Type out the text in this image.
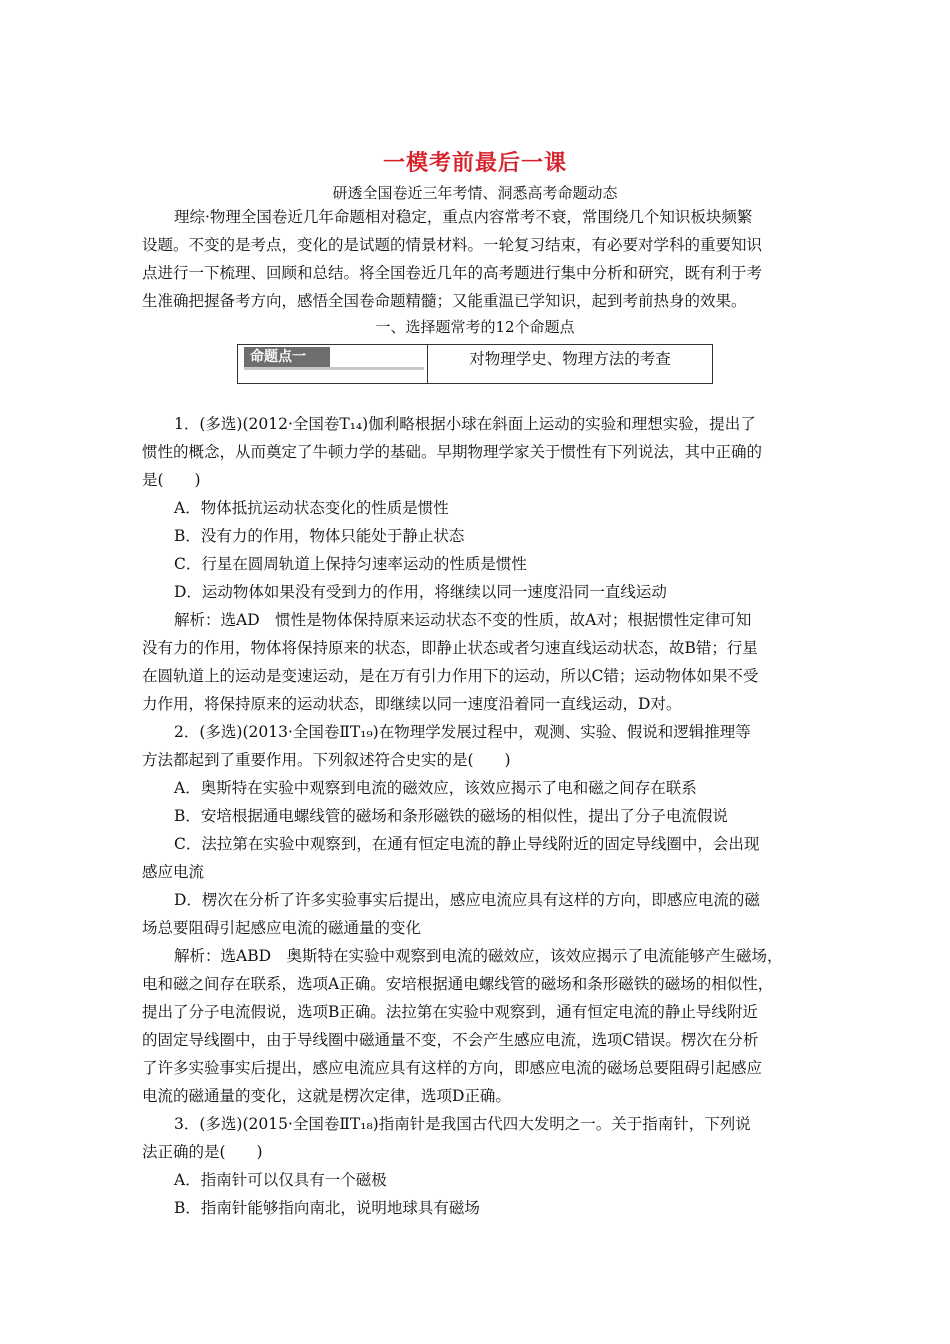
一模考前最后一课
研透全国卷近三年考情、洞悉高考命题动态
理综·物理全国卷近几年命题相对稳定，重点内容常考不衰，常围绕几个知识板块频繁
设题。不变的是考点，变化的是试题的情景材料。一轮复习结束，有必要对学科的重要知识
点进行一下梳理、回顾和总结。将全国卷近几年的高考题进行集中分析和研究，既有利于考
生准确把握备考方向，感悟全国卷命题精髓；又能重温已学知识，起到考前热身的效果。
一、选择题常考的12个命题点
命题点一	对物理学史、物理方法的考查
1．(多选)(2012·全国卷T₁₄)伽利略根据小球在斜面上运动的实验和理想实验，提出了
惯性的概念，从而奠定了牛顿力学的基础。早期物理学家关于惯性有下列说法，其中正确的
是(　　)
A．物体抵抗运动状态变化的性质是惯性
B．没有力的作用，物体只能处于静止状态
C．行星在圆周轨道上保持匀速率运动的性质是惯性
D．运动物体如果没有受到力的作用，将继续以同一速度沿同一直线运动
解析：选AD　惯性是物体保持原来运动状态不变的性质，故A对；根据惯性定律可知
没有力的作用，物体将保持原来的状态，即静止状态或者匀速直线运动状态，故B错；行星
在圆轨道上的运动是变速运动，是在万有引力作用下的运动，所以C错；运动物体如果不受
力作用，将保持原来的运动状态，即继续以同一速度沿着同一直线运动，D对。
2．(多选)(2013·全国卷ⅡT₁₉)在物理学发展过程中，观测、实验、假说和逻辑推理等
方法都起到了重要作用。下列叙述符合史实的是(　　)
A．奥斯特在实验中观察到电流的磁效应，该效应揭示了电和磁之间存在联系
B．安培根据通电螺线管的磁场和条形磁铁的磁场的相似性，提出了分子电流假说
C．法拉第在实验中观察到，在通有恒定电流的静止导线附近的固定导线圈中，会出现
感应电流
D．楞次在分析了许多实验事实后提出，感应电流应具有这样的方向，即感应电流的磁
场总要阻碍引起感应电流的磁通量的变化
解析：选ABD　奥斯特在实验中观察到电流的磁效应，该效应揭示了电流能够产生磁场，
电和磁之间存在联系，选项A正确。安培根据通电螺线管的磁场和条形磁铁的磁场的相似性，
提出了分子电流假说，选项B正确。法拉第在实验中观察到，通有恒定电流的静止导线附近
的固定导线圈中，由于导线圈中磁通量不变，不会产生感应电流，选项C错误。楞次在分析
了许多实验事实后提出，感应电流应具有这样的方向，即感应电流的磁场总要阻碍引起感应
电流的磁通量的变化，这就是楞次定律，选项D正确。
3．(多选)(2015·全国卷ⅡT₁₈)指南针是我国古代四大发明之一。关于指南针，下列说
法正确的是(　　)
A．指南针可以仅具有一个磁极
B．指南针能够指向南北，说明地球具有磁场
